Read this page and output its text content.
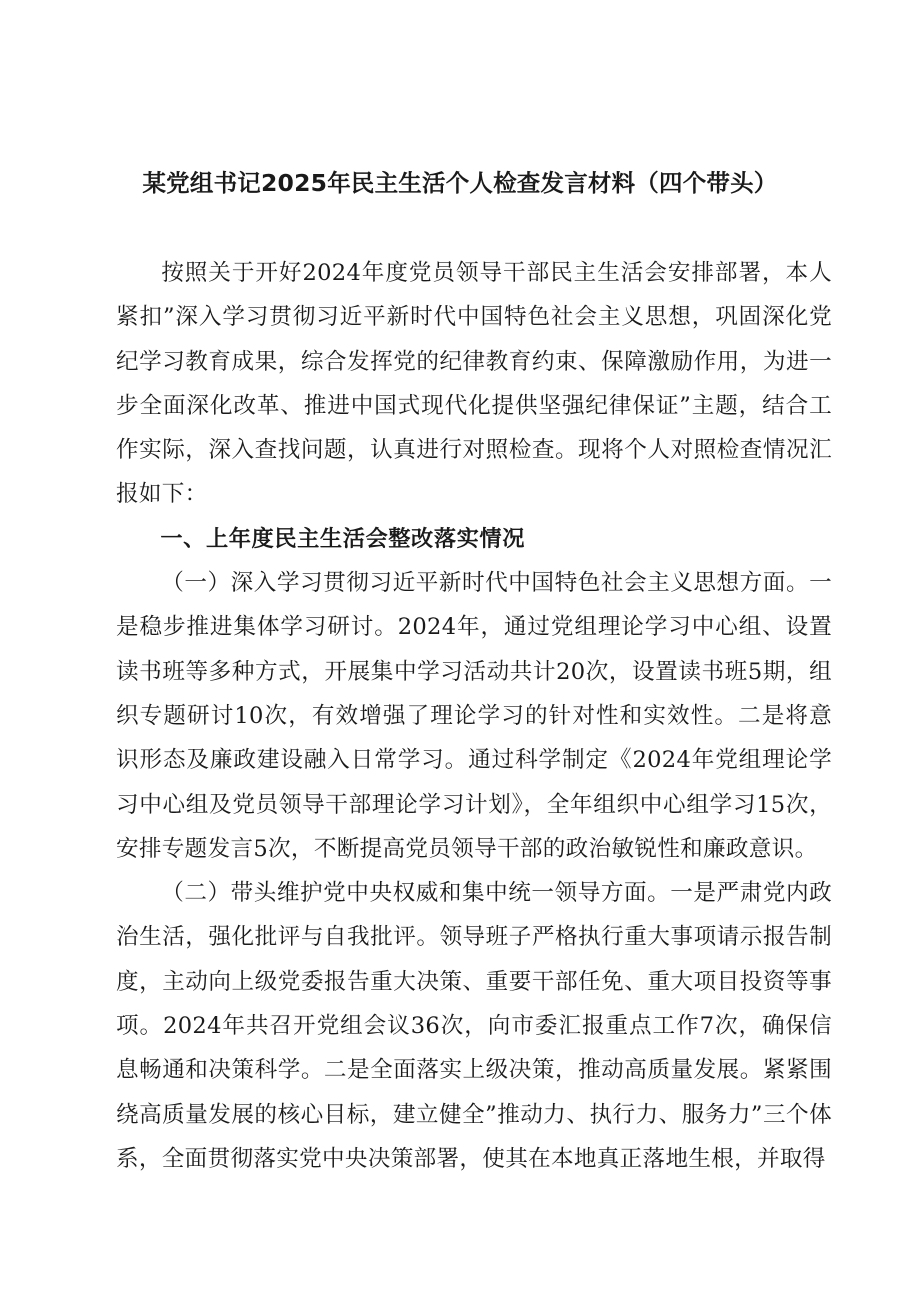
某党组书记2025年民主生活个人检查发言材料（四个带头）

按照关于开好2024年度党员领导干部民主生活会安排部署，本人紧扣”深入学习贯彻习近平新时代中国特色社会主义思想，巩固深化党纪学习教育成果，综合发挥党的纪律教育约束、保障激励作用，为进一步全面深化改革、推进中国式现代化提供坚强纪律保证”主题，结合工作实际，深入查找问题，认真进行对照检查。现将个人对照检查情况汇报如下：

一、上年度民主生活会整改落实情况

（一）深入学习贯彻习近平新时代中国特色社会主义思想方面。一是稳步推进集体学习研讨。2024年，通过党组理论学习中心组、设置读书班等多种方式，开展集中学习活动共计20次，设置读书班5期，组织专题研讨10次，有效增强了理论学习的针对性和实效性。二是将意识形态及廉政建设融入日常学习。通过科学制定《2024年党组理论学习中心组及党员领导干部理论学习计划》，全年组织中心组学习15次，安排专题发言5次，不断提高党员领导干部的政治敏锐性和廉政意识。

（二）带头维护党中央权威和集中统一领导方面。一是严肃党内政治生活，强化批评与自我批评。领导班子严格执行重大事项请示报告制度，主动向上级党委报告重大决策、重要干部任免、重大项目投资等事项。2024年共召开党组会议36次，向市委汇报重点工作7次，确保信息畅通和决策科学。二是全面落实上级决策，推动高质量发展。紧紧围绕高质量发展的核心目标，建立健全”推动力、执行力、服务力”三个体系，全面贯彻落实党中央决策部署，使其在本地真正落地生根，并取得
